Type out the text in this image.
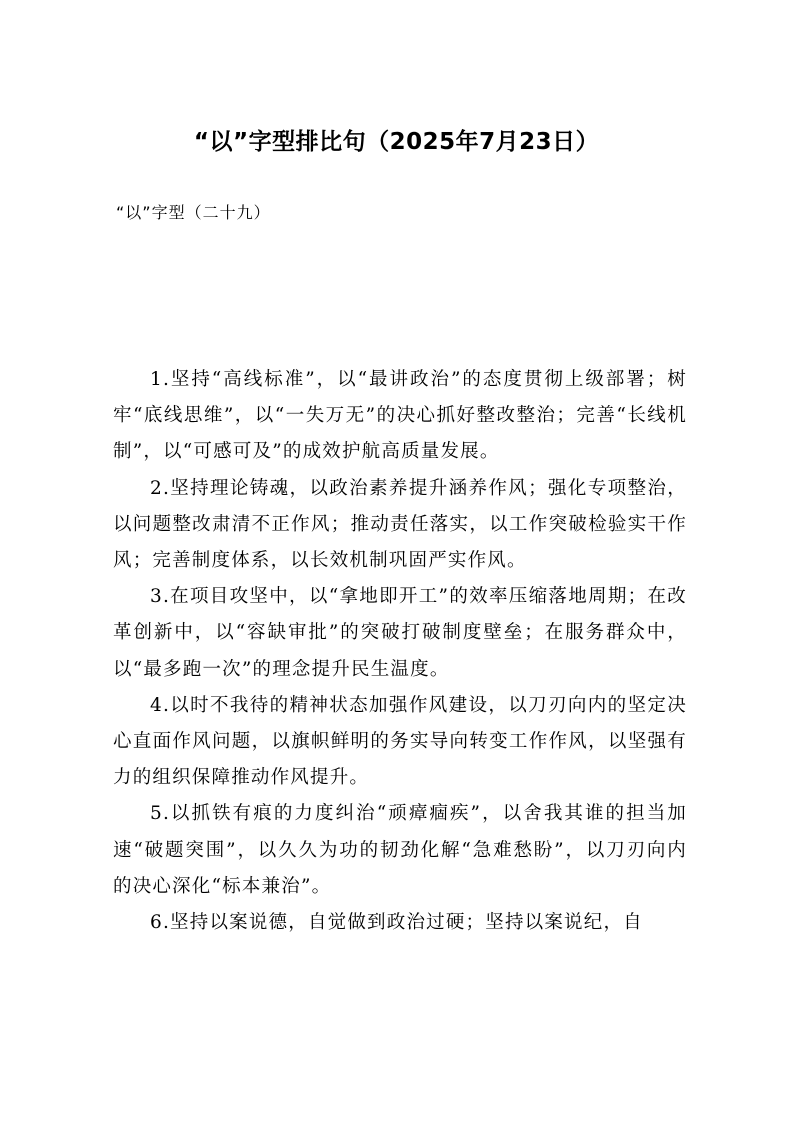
“以”字型排比句（2025年7月23日）

“以”字型（二十九）

1.坚持“高线标准”，以“最讲政治”的态度贯彻上级部署；树牢“底线思维”，以“一失万无”的决心抓好整改整治；完善“长线机制”，以“可感可及”的成效护航高质量发展。

2.坚持理论铸魂，以政治素养提升涵养作风；强化专项整治，以问题整改肃清不正作风；推动责任落实，以工作突破检验实干作风；完善制度体系，以长效机制巩固严实作风。

3.在项目攻坚中，以“拿地即开工”的效率压缩落地周期；在改革创新中，以“容缺审批”的突破打破制度壁垒；在服务群众中，以“最多跑一次”的理念提升民生温度。

4.以时不我待的精神状态加强作风建设，以刀刃向内的坚定决心直面作风问题，以旗帜鲜明的务实导向转变工作作风，以坚强有力的组织保障推动作风提升。

5.以抓铁有痕的力度纠治“顽瘴痼疾”，以舍我其谁的担当加速“破题突围”，以久久为功的韧劲化解“急难愁盼”，以刀刃向内的决心深化“标本兼治”。

6.坚持以案说德，自觉做到政治过硬；坚持以案说纪，自
